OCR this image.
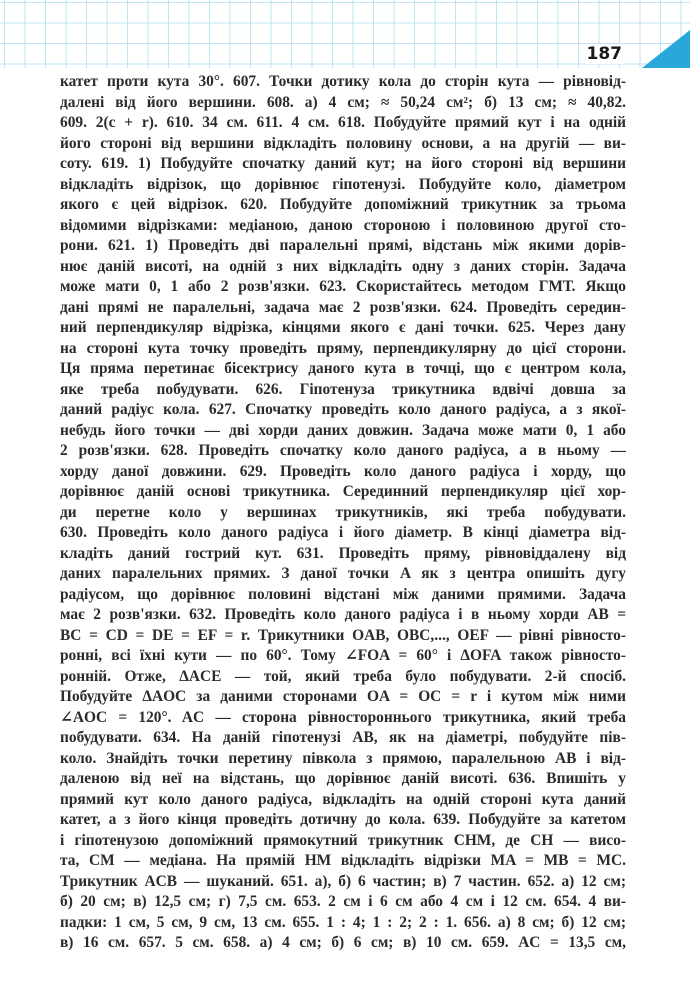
187
катет проти кута 30°. 607. Точки дотику кола до сторін кута — рівновід-
далені від його вершини. 608. а) 4 см; ≈ 50,24 см²; б) 13 см; ≈ 40,82.
609. 2(c + r). 610. 34 см. 611. 4 см. 618. Побудуйте прямий кут і на одній
його стороні від вершини відкладіть половину основи, а на другій — ви-
соту. 619. 1) Побудуйте спочатку даний кут; на його стороні від вершини
відкладіть відрізок, що дорівнює гіпотенузі. Побудуйте коло, діаметром
якого є цей відрізок. 620. Побудуйте допоміжний трикутник за трьома
відомими відрізками: медіаною, даною стороною і половиною другої сто-
рони. 621. 1) Проведіть дві паралельні прямі, відстань між якими дорів-
нює даній висоті, на одній з них відкладіть одну з даних сторін. Задача
може мати 0, 1 або 2 розв'язки. 623. Скористайтесь методом ГМТ. Якщо
дані прямі не паралельні, задача має 2 розв'язки. 624. Проведіть середин-
ний перпендикуляр відрізка, кінцями якого є дані точки. 625. Через дану
на стороні кута точку проведіть пряму, перпендикулярну до цієї сторони.
Ця пряма перетинає бісектрису даного кута в точці, що є центром кола,
яке треба побудувати. 626. Гіпотенуза трикутника вдвічі довша за
даний радіус кола. 627. Спочатку проведіть коло даного радіуса, а з якої-
небудь його точки — дві хорди даних довжин. Задача може мати 0, 1 або
2 розв'язки. 628. Проведіть спочатку коло даного радіуса, а в ньому —
хорду даної довжини. 629. Проведіть коло даного радіуса і хорду, що
дорівнює даній основі трикутника. Серединний перпендикуляр цієї хор-
ди перетне коло у вершинах трикутників, які треба побудувати.
630. Проведіть коло даного радіуса і його діаметр. В кінці діаметра від-
кладіть даний гострий кут. 631. Проведіть пряму, рівновіддалену від
даних паралельних прямих. З даної точки A як з центра опишіть дугу
радіусом, що дорівнює половині відстані між даними прямими. Задача
має 2 розв'язки. 632. Проведіть коло даного радіуса і в ньому хорди AB =
BC = CD = DE = EF = r. Трикутники OAB, OBC,..., OEF — рівні рівносто-
ронні, всі їхні кути — по 60°. Тому ∠FOA = 60° і ΔOFA також рівносто-
ронній. Отже, ΔACE — той, який треба було побудувати. 2-й спосіб.
Побудуйте ΔAOC за даними сторонами OA = OC = r і кутом між ними
∠AOC = 120°. AC — сторона рівностороннього трикутника, який треба
побудувати. 634. На даній гіпотенузі AB, як на діаметрі, побудуйте пів-
коло. Знайдіть точки перетину півкола з прямою, паралельною AB і від-
даленою від неї на відстань, що дорівнює даній висоті. 636. Впишіть у
прямий кут коло даного радіуса, відкладіть на одній стороні кута даний
катет, а з його кінця проведіть дотичну до кола. 639. Побудуйте за катетом
і гіпотенузою допоміжний прямокутний трикутник CHM, де CH — висо-
та, CM — медіана. На прямій HM відкладіть відрізки MA = MB = MC.
Трикутник ACB — шуканий. 651. а), б) 6 частин; в) 7 частин. 652. а) 12 см;
б) 20 см; в) 12,5 см; г) 7,5 см. 653. 2 см і 6 см або 4 см і 12 см. 654. 4 ви-
падки: 1 см, 5 см, 9 см, 13 см. 655. 1 : 4; 1 : 2; 2 : 1. 656. а) 8 см; б) 12 см;
в) 16 см. 657. 5 см. 658. а) 4 см; б) 6 см; в) 10 см. 659. AC = 13,5 см,
